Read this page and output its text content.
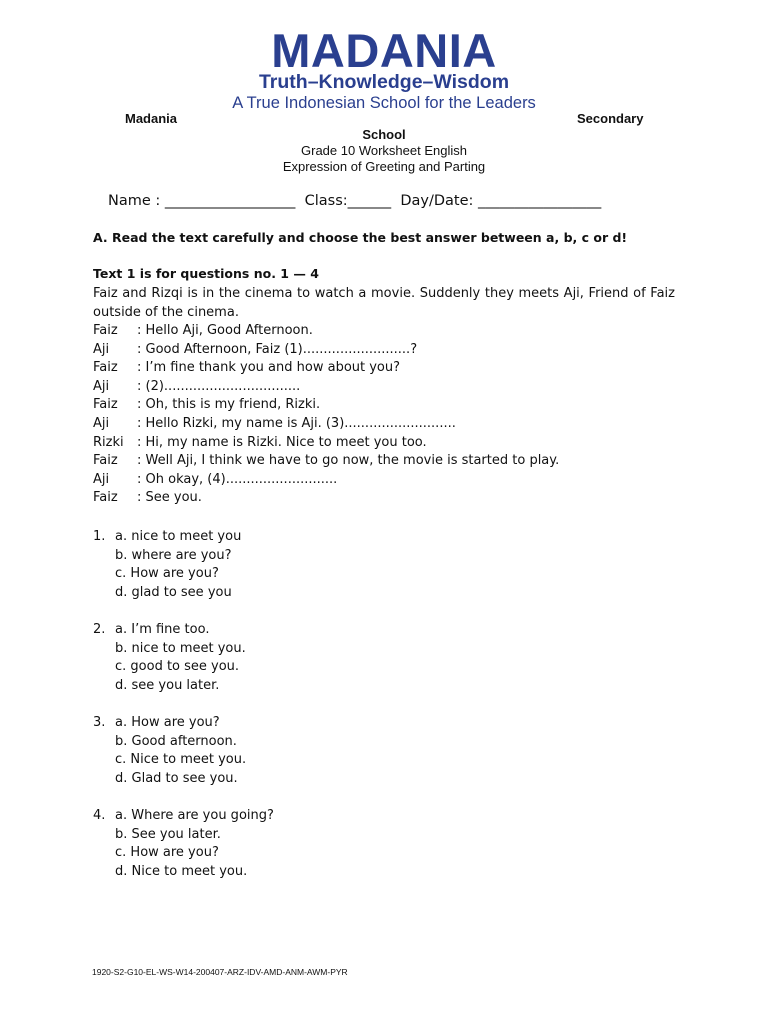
MADANIA
Truth–Knowledge–Wisdom
A True Indonesian School for the Leaders
Madania	Secondary
School
Grade 10 Worksheet English
Expression of Greeting and Parting
Name : __________________  Class:______  Day/Date: _________________
A. Read the text carefully and choose the best answer between a, b, c or d!
Text 1 is for questions no. 1 — 4
Faiz and Rizqi is in the cinema to watch a movie. Suddenly they meets Aji, Friend of Faiz outside of the cinema.
Faiz : Hello Aji, Good Afternoon.
Aji : Good Afternoon, Faiz (1)..........................?
Faiz : I’m fine thank you and how about you?
Aji : (2).................................
Faiz : Oh, this is my friend, Rizki.
Aji : Hello Rizki, my name is Aji. (3)...........................
Rizki : Hi, my name is Rizki. Nice to meet you too.
Faiz : Well Aji, I think we have to go now, the movie is started to play.
Aji : Oh okay, (4)...........................
Faiz : See you.
1. a. nice to meet you
b. where are you?
c. How are you?
d. glad to see you
2. a. I’m fine too.
b. nice to meet you.
c. good to see you.
d. see you later.
3. a. How are you?
b. Good afternoon.
c. Nice to meet you.
d. Glad to see you.
4. a. Where are you going?
b. See you later.
c. How are you?
d. Nice to meet you.
1920-S2-G10-EL-WS-W14-200407-ARZ-IDV-AMD-ANM-AWM-PYR
